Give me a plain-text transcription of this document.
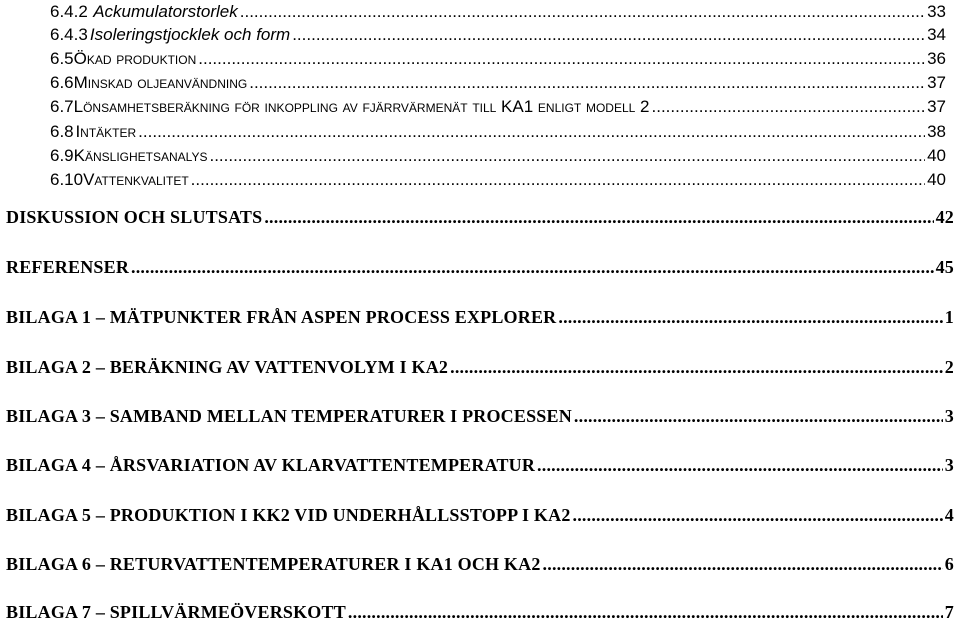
6.4.2 Ackumulatorstorlek .....	33
6.4.3 Isoleringstjocklek och form .....	34
6.5 Ökad produktion .....	36
6.6 Minskad oljeanvändning .....	37
6.7 Lönsamhetsberäkning för inkoppling av fjärrvärmenät till KA1 enligt modell 2 .....	37
6.8 Intäkter .....	38
6.9 Känslighetsanalys .....	40
6.10 Vattenkvalitet .....	40
DISKUSSION OCH SLUTSATS .....	42
REFERENSER .....	45
BILAGA 1 – MÄTPUNKTER FRÅN ASPEN PROCESS EXPLORER .....	1
BILAGA 2 – BERÄKNING AV VATTENVOLYM I KA2 .....	2
BILAGA 3 – SAMBAND MELLAN TEMPERATURER I PROCESSEN .....	3
BILAGA 4 – ÅRSVARIATION AV KLARVATTENTEMPERATUR .....	3
BILAGA 5 – PRODUKTION I KK2 VID UNDERHÅLLSSTOPP I KA2 .....	4
BILAGA 6 – RETURVATTENTEMPERATURER I KA1 OCH KA2 .....	6
BILAGA 7 – SPILLVÄRMEÖVERSKOTT .....	7
